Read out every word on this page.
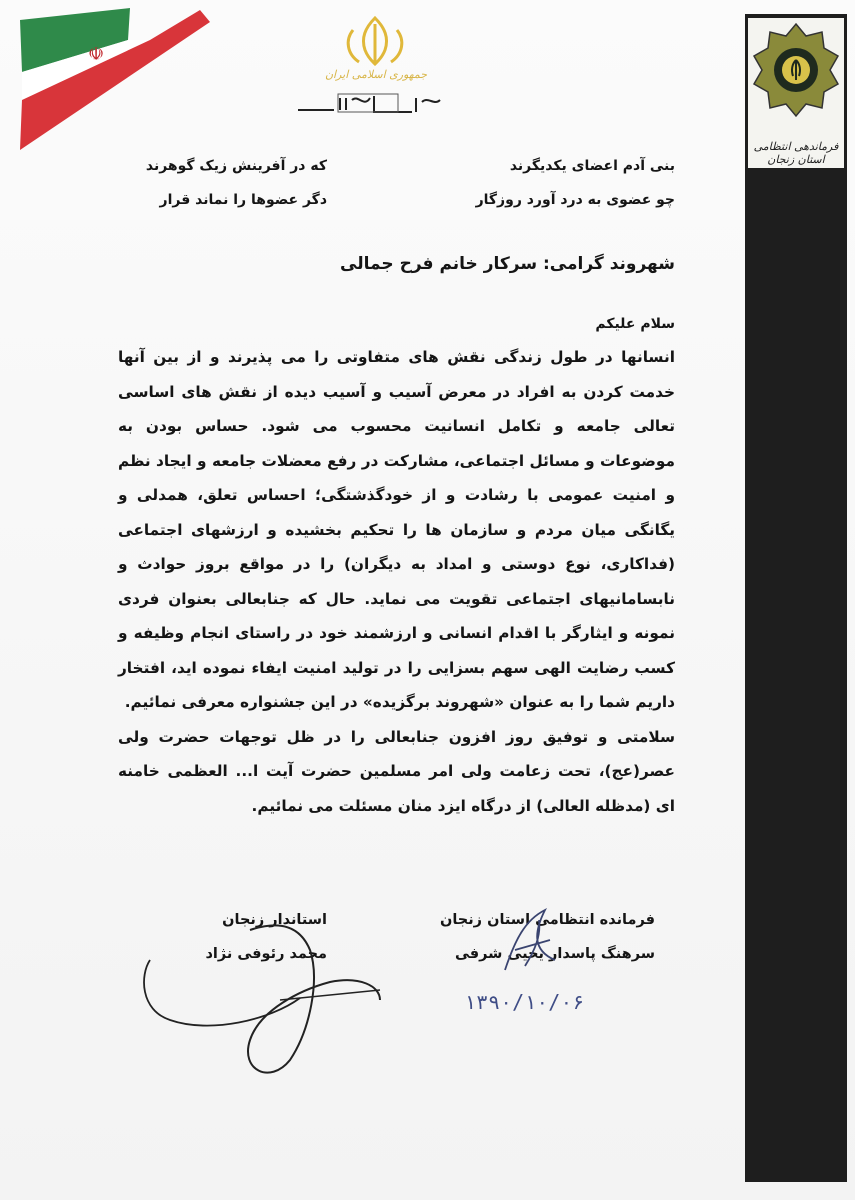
☫
جمهوری اسلامی ایران
فرماندهی انتظامی استان زنجان
بنی آدم اعضای یکدیگرند
که در آفرینش زیک گوهرند
چو عضوی به درد آورد روزگار
دگر عضوها را نماند قرار
شهروند گرامی: سرکار خانم فرح جمالی
سلام علیکم

انسانها در طول زندگی نقش های متفاوتی را می پذیرند و از بین آنها خدمت کردن به افراد در معرض آسیب و آسیب دیده از نقش های اساسی تعالی جامعه و تکامل انسانیت محسوب می شود. حساس بودن به موضوعات و مسائل اجتماعی، مشارکت در رفع معضلات جامعه و ایجاد نظم و امنیت عمومی با رشادت و از خودگذشتگی؛ احساس تعلق، همدلی و یگانگی میان مردم و سازمان ها را تحکیم بخشیده و ارزشهای اجتماعی (فداکاری، نوع دوستی و امداد به دیگران) را در مواقع بروز حوادث و نابسامانیهای اجتماعی تقویت می نماید. حال که جنابعالی بعنوان فردی نمونه و ایثارگر با اقدام انسانی و ارزشمند خود در راستای انجام وظیفه و کسب رضایت الهی سهم بسزایی را در تولید امنیت ایفاء نموده اید، افتخار داریم شما را به عنوان «شهروند برگزیده» در این جشنواره معرفی نمائیم.

سلامتی و توفیق روز افزون جنابعالی را در ظل توجهات حضرت ولی عصر(عج)، تحت زعامت ولی امر مسلمین حضرت آیت ا... العظمی خامنه ای (مدظله العالی) از درگاه ایزد منان مسئلت می نمائیم.

فرمانده انتظامی استان زنجان
سرهنگ پاسدار یحیی شرفی
استاندار زنجان
محمد رئوفی نژاد
۱۳۹۰/۱۰/۰۶
